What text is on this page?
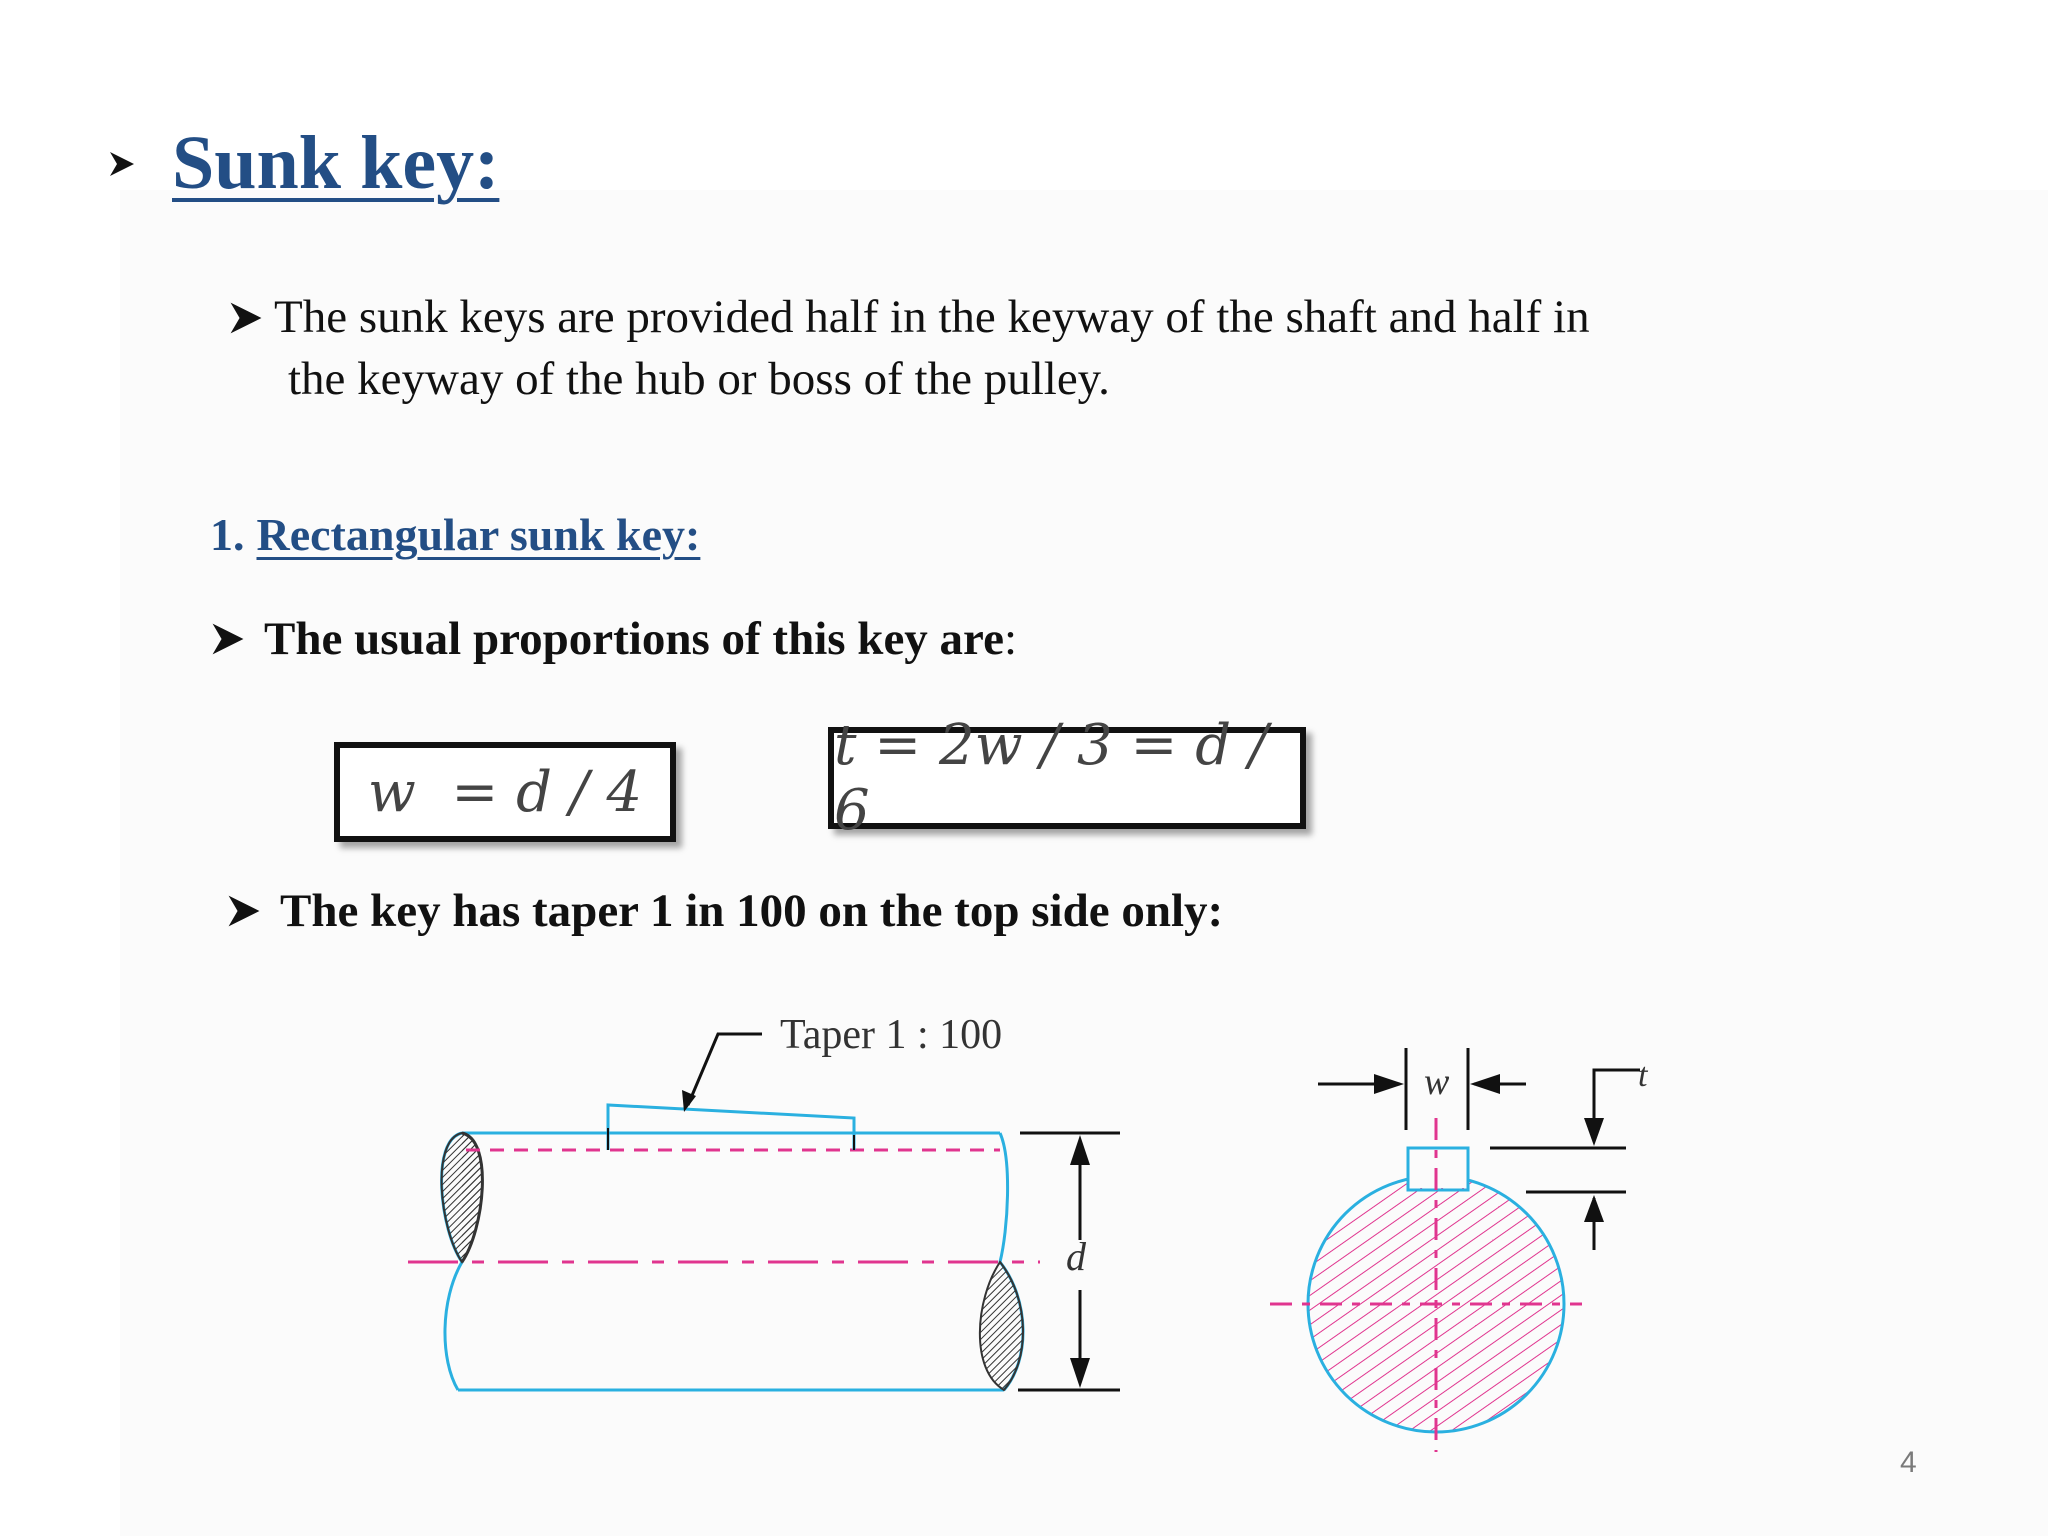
Sunk key:
The sunk keys are provided half in the keyway of the shaft and half in
the keyway of the hub or boss of the pulley.
1. Rectangular sunk key:
The usual proportions of this key are :
w  = d / 4
t = 2w / 3 = d / 6
The key has taper 1 in 100 on the top side only:
Taper 1 : 100
d
w	t
4
